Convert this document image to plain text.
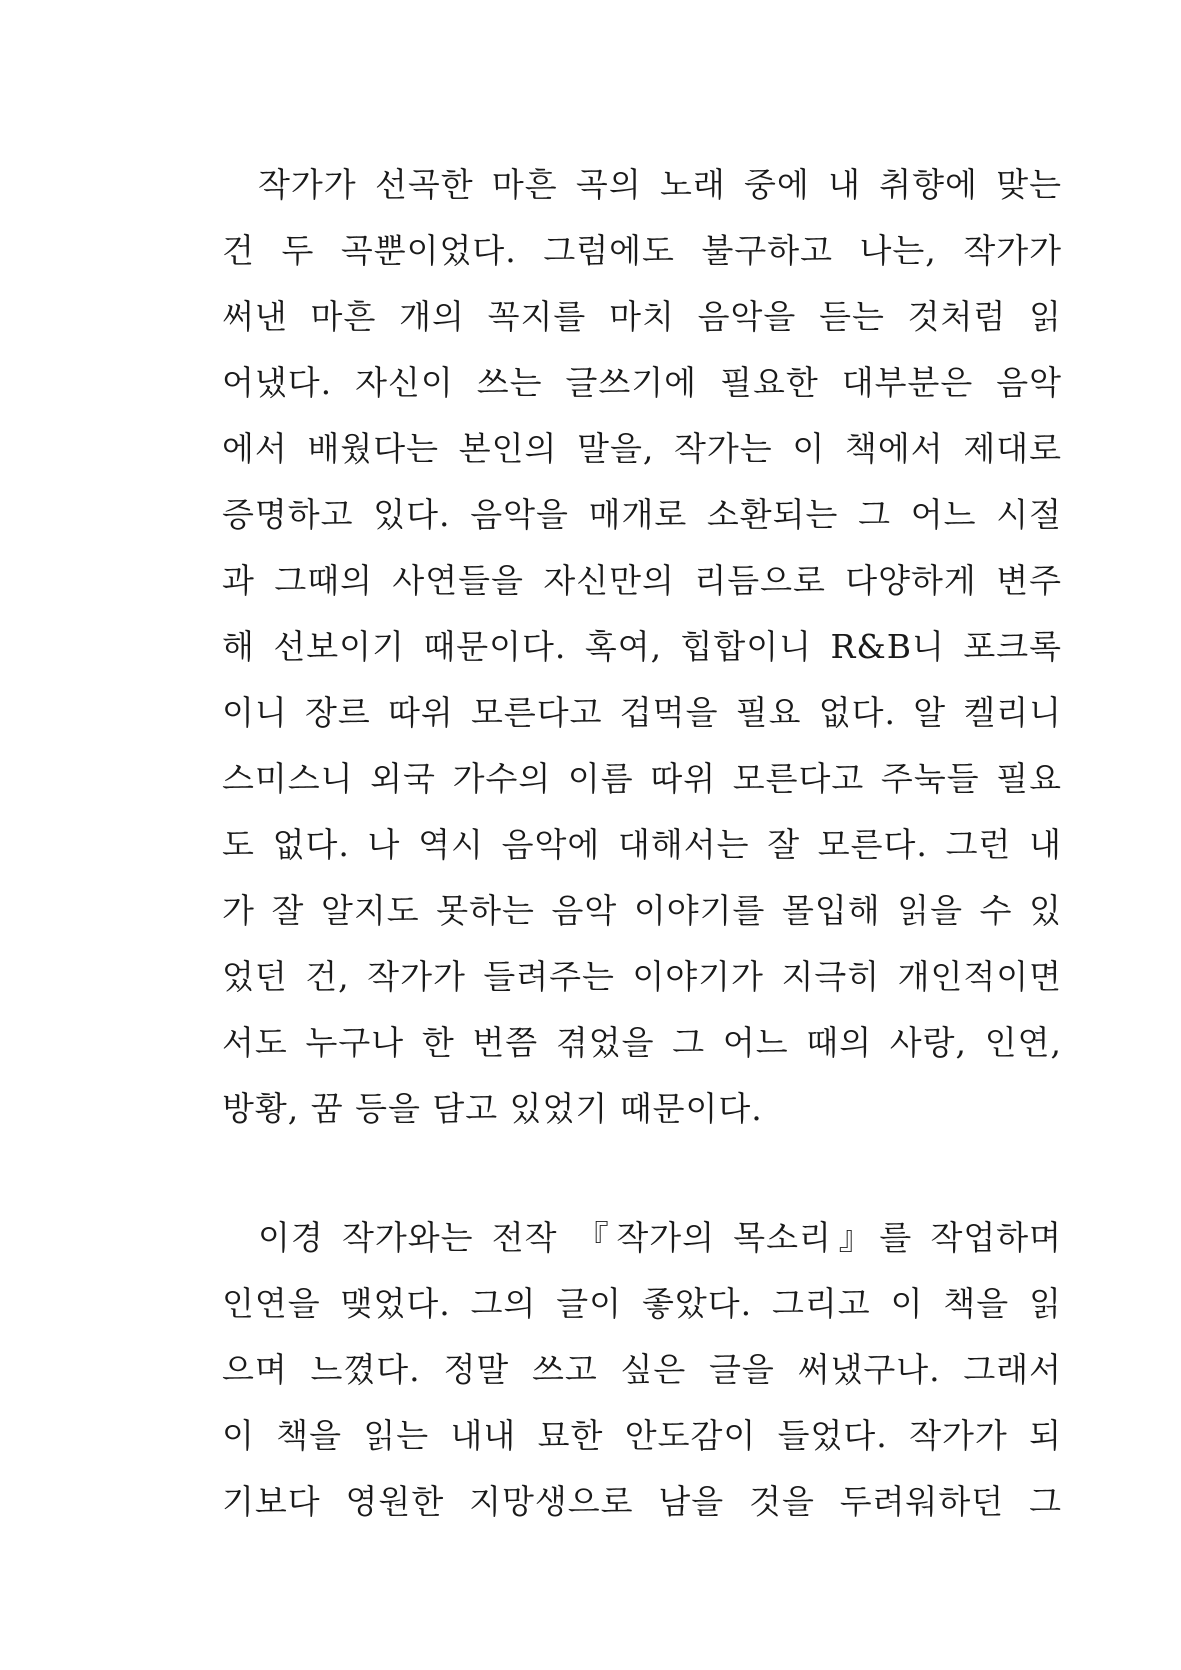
작가가 선곡한 마흔 곡의 노래 중에 내 취향에 맞는
건 두 곡뿐이었다. 그럼에도 불구하고 나는, 작가가
써낸 마흔 개의 꼭지를 마치 음악을 듣는 것처럼 읽
어냈다. 자신이 쓰는 글쓰기에 필요한 대부분은 음악
에서 배웠다는 본인의 말을, 작가는 이 책에서 제대로
증명하고 있다. 음악을 매개로 소환되는 그 어느 시절
과 그때의 사연들을 자신만의 리듬으로 다양하게 변주
해 선보이기 때문이다. 혹여, 힙합이니 R&B니 포크록
이니 장르 따위 모른다고 겁먹을 필요 없다. 알 켈리니
스미스니 외국 가수의 이름 따위 모른다고 주눅들 필요
도 없다. 나 역시 음악에 대해서는 잘 모른다. 그런 내
가 잘 알지도 못하는 음악 이야기를 몰입해 읽을 수 있
었던 건, 작가가 들려주는 이야기가 지극히 개인적이면
서도 누구나 한 번쯤 겪었을 그 어느 때의 사랑, 인연,
방황, 꿈 등을 담고 있었기 때문이다.
이경 작가와는 전작 『작가의 목소리』를 작업하며
인연을 맺었다. 그의 글이 좋았다. 그리고 이 책을 읽
으며 느꼈다. 정말 쓰고 싶은 글을 써냈구나. 그래서
이 책을 읽는 내내 묘한 안도감이 들었다. 작가가 되
기보다 영원한 지망생으로 남을 것을 두려워하던 그
